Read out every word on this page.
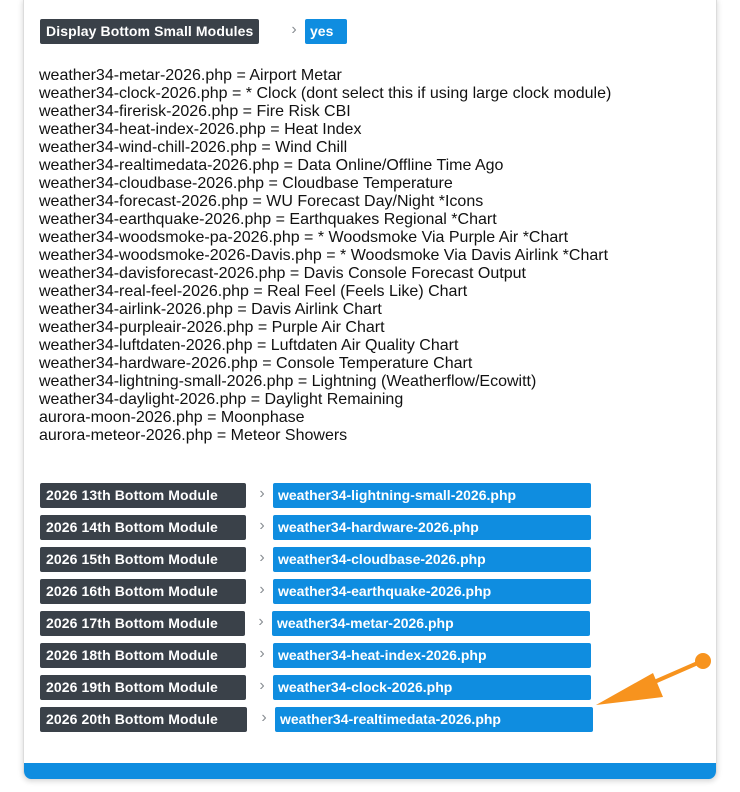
Display Bottom Small Modules	› yes
weather34-metar-2026.php = Airport Metar
weather34-clock-2026.php = * Clock (dont select this if using large clock module)
weather34-firerisk-2026.php = Fire Risk CBI
weather34-heat-index-2026.php = Heat Index
weather34-wind-chill-2026.php = Wind Chill
weather34-realtimedata-2026.php = Data Online/Offline Time Ago
weather34-cloudbase-2026.php = Cloudbase Temperature
weather34-forecast-2026.php = WU Forecast Day/Night *Icons
weather34-earthquake-2026.php = Earthquakes Regional *Chart
weather34-woodsmoke-pa-2026.php = * Woodsmoke Via Purple Air *Chart
weather34-woodsmoke-2026-Davis.php = * Woodsmoke Via Davis Airlink *Chart
weather34-davisforecast-2026.php = Davis Console Forecast Output
weather34-real-feel-2026.php = Real Feel (Feels Like) Chart
weather34-airlink-2026.php = Davis Airlink Chart
weather34-purpleair-2026.php = Purple Air Chart
weather34-luftdaten-2026.php = Luftdaten Air Quality Chart
weather34-hardware-2026.php = Console Temperature Chart
weather34-lightning-small-2026.php = Lightning (Weatherflow/Ecowitt)
weather34-daylight-2026.php = Daylight Remaining
aurora-moon-2026.php = Moonphase
aurora-meteor-2026.php = Meteor Showers
2026 13th Bottom Module	› weather34-lightning-small-2026.php
2026 14th Bottom Module	› weather34-hardware-2026.php
2026 15th Bottom Module	› weather34-cloudbase-2026.php
2026 16th Bottom Module	› weather34-earthquake-2026.php
2026 17th Bottom Module	› weather34-metar-2026.php
2026 18th Bottom Module	› weather34-heat-index-2026.php
2026 19th Bottom Module	› weather34-clock-2026.php
2026 20th Bottom Module	› weather34-realtimedata-2026.php
